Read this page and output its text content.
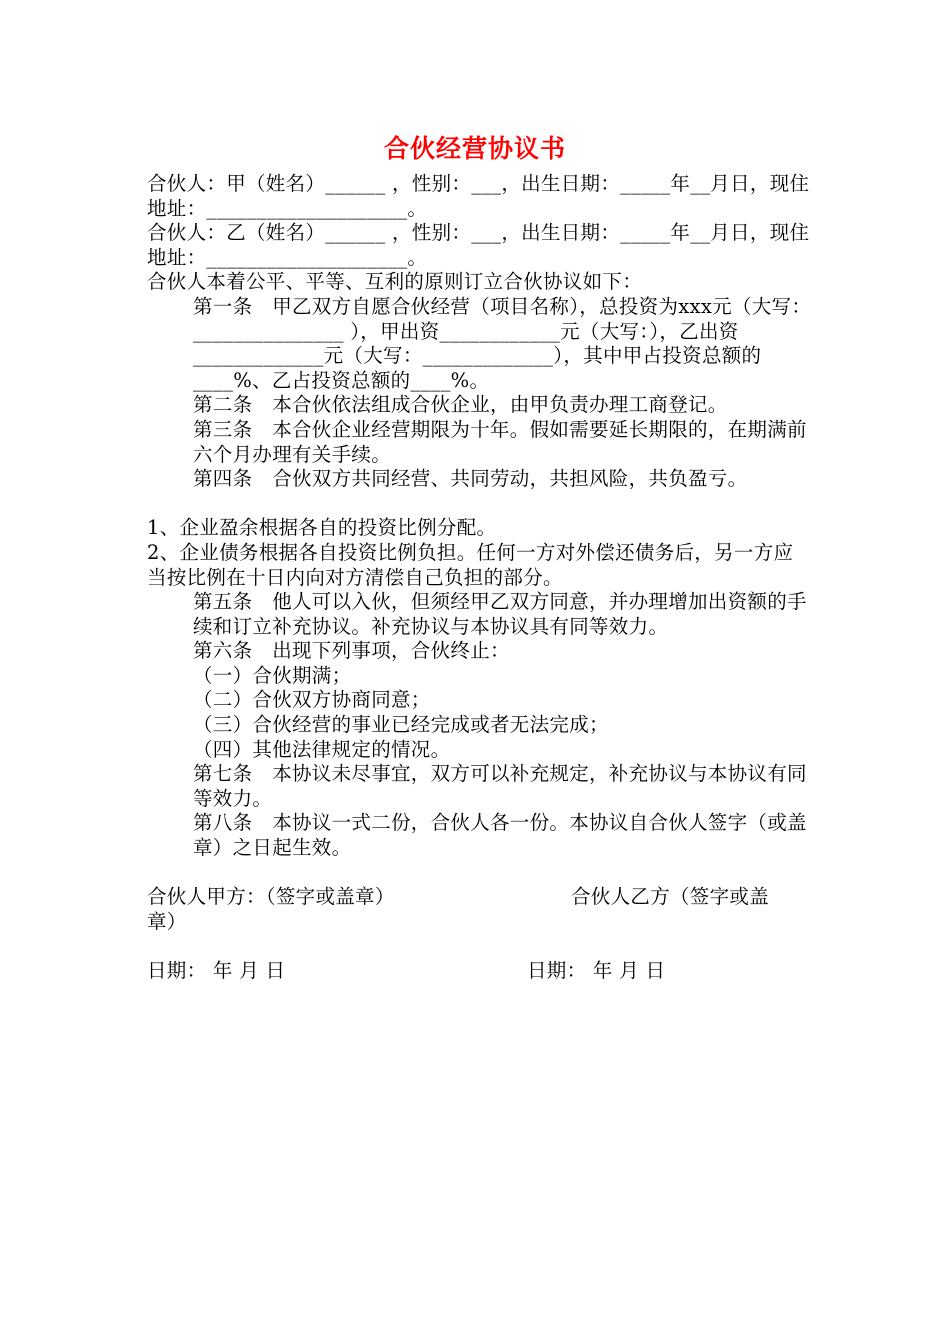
合伙经营协议书

合伙人：甲（姓名）______ ，性别：___，出生日期：_____年__月日，现住地址：____________________。

合伙人：乙（姓名）______ ，性别：___，出生日期：_____年__月日，现住地址：____________________。

合伙人本着公平、平等、互利的原则订立合伙协议如下：

第一条　甲乙双方自愿合伙经营（项目名称），总投资为xxx元（大写：_______________ ），甲出资____________元（大写：），乙出资_____________元（大写：_____________），其中甲占投资总额的____%、乙占投资总额的____%。

第二条　本合伙依法组成合伙企业，由甲负责办理工商登记。

第三条　本合伙企业经营期限为十年。假如需要延长期限的，在期满前六个月办理有关手续。

第四条　合伙双方共同经营、共同劳动，共担风险，共负盈亏。

1、企业盈余根据各自的投资比例分配。

2、企业债务根据各自投资比例负担。任何一方对外偿还债务后，另一方应当按比例在十日内向对方清偿自己负担的部分。

第五条　他人可以入伙，但须经甲乙双方同意，并办理增加出资额的手续和订立补充协议。补充协议与本协议具有同等效力。

第六条　出现下列事项，合伙终止：

（一）合伙期满；

（二）合伙双方协商同意；

（三）合伙经营的事业已经完成或者无法完成；

（四）其他法律规定的情况。

第七条　本协议未尽事宜，双方可以补充规定，补充协议与本协议有同等效力。

第八条　本协议一式二份，合伙人各一份。本协议自合伙人签字（或盖章）之日起生效。

合伙人甲方：（签字或盖章）	合伙人乙方（签字或盖

章）

日期： 年 月 日	日期： 年 月 日
